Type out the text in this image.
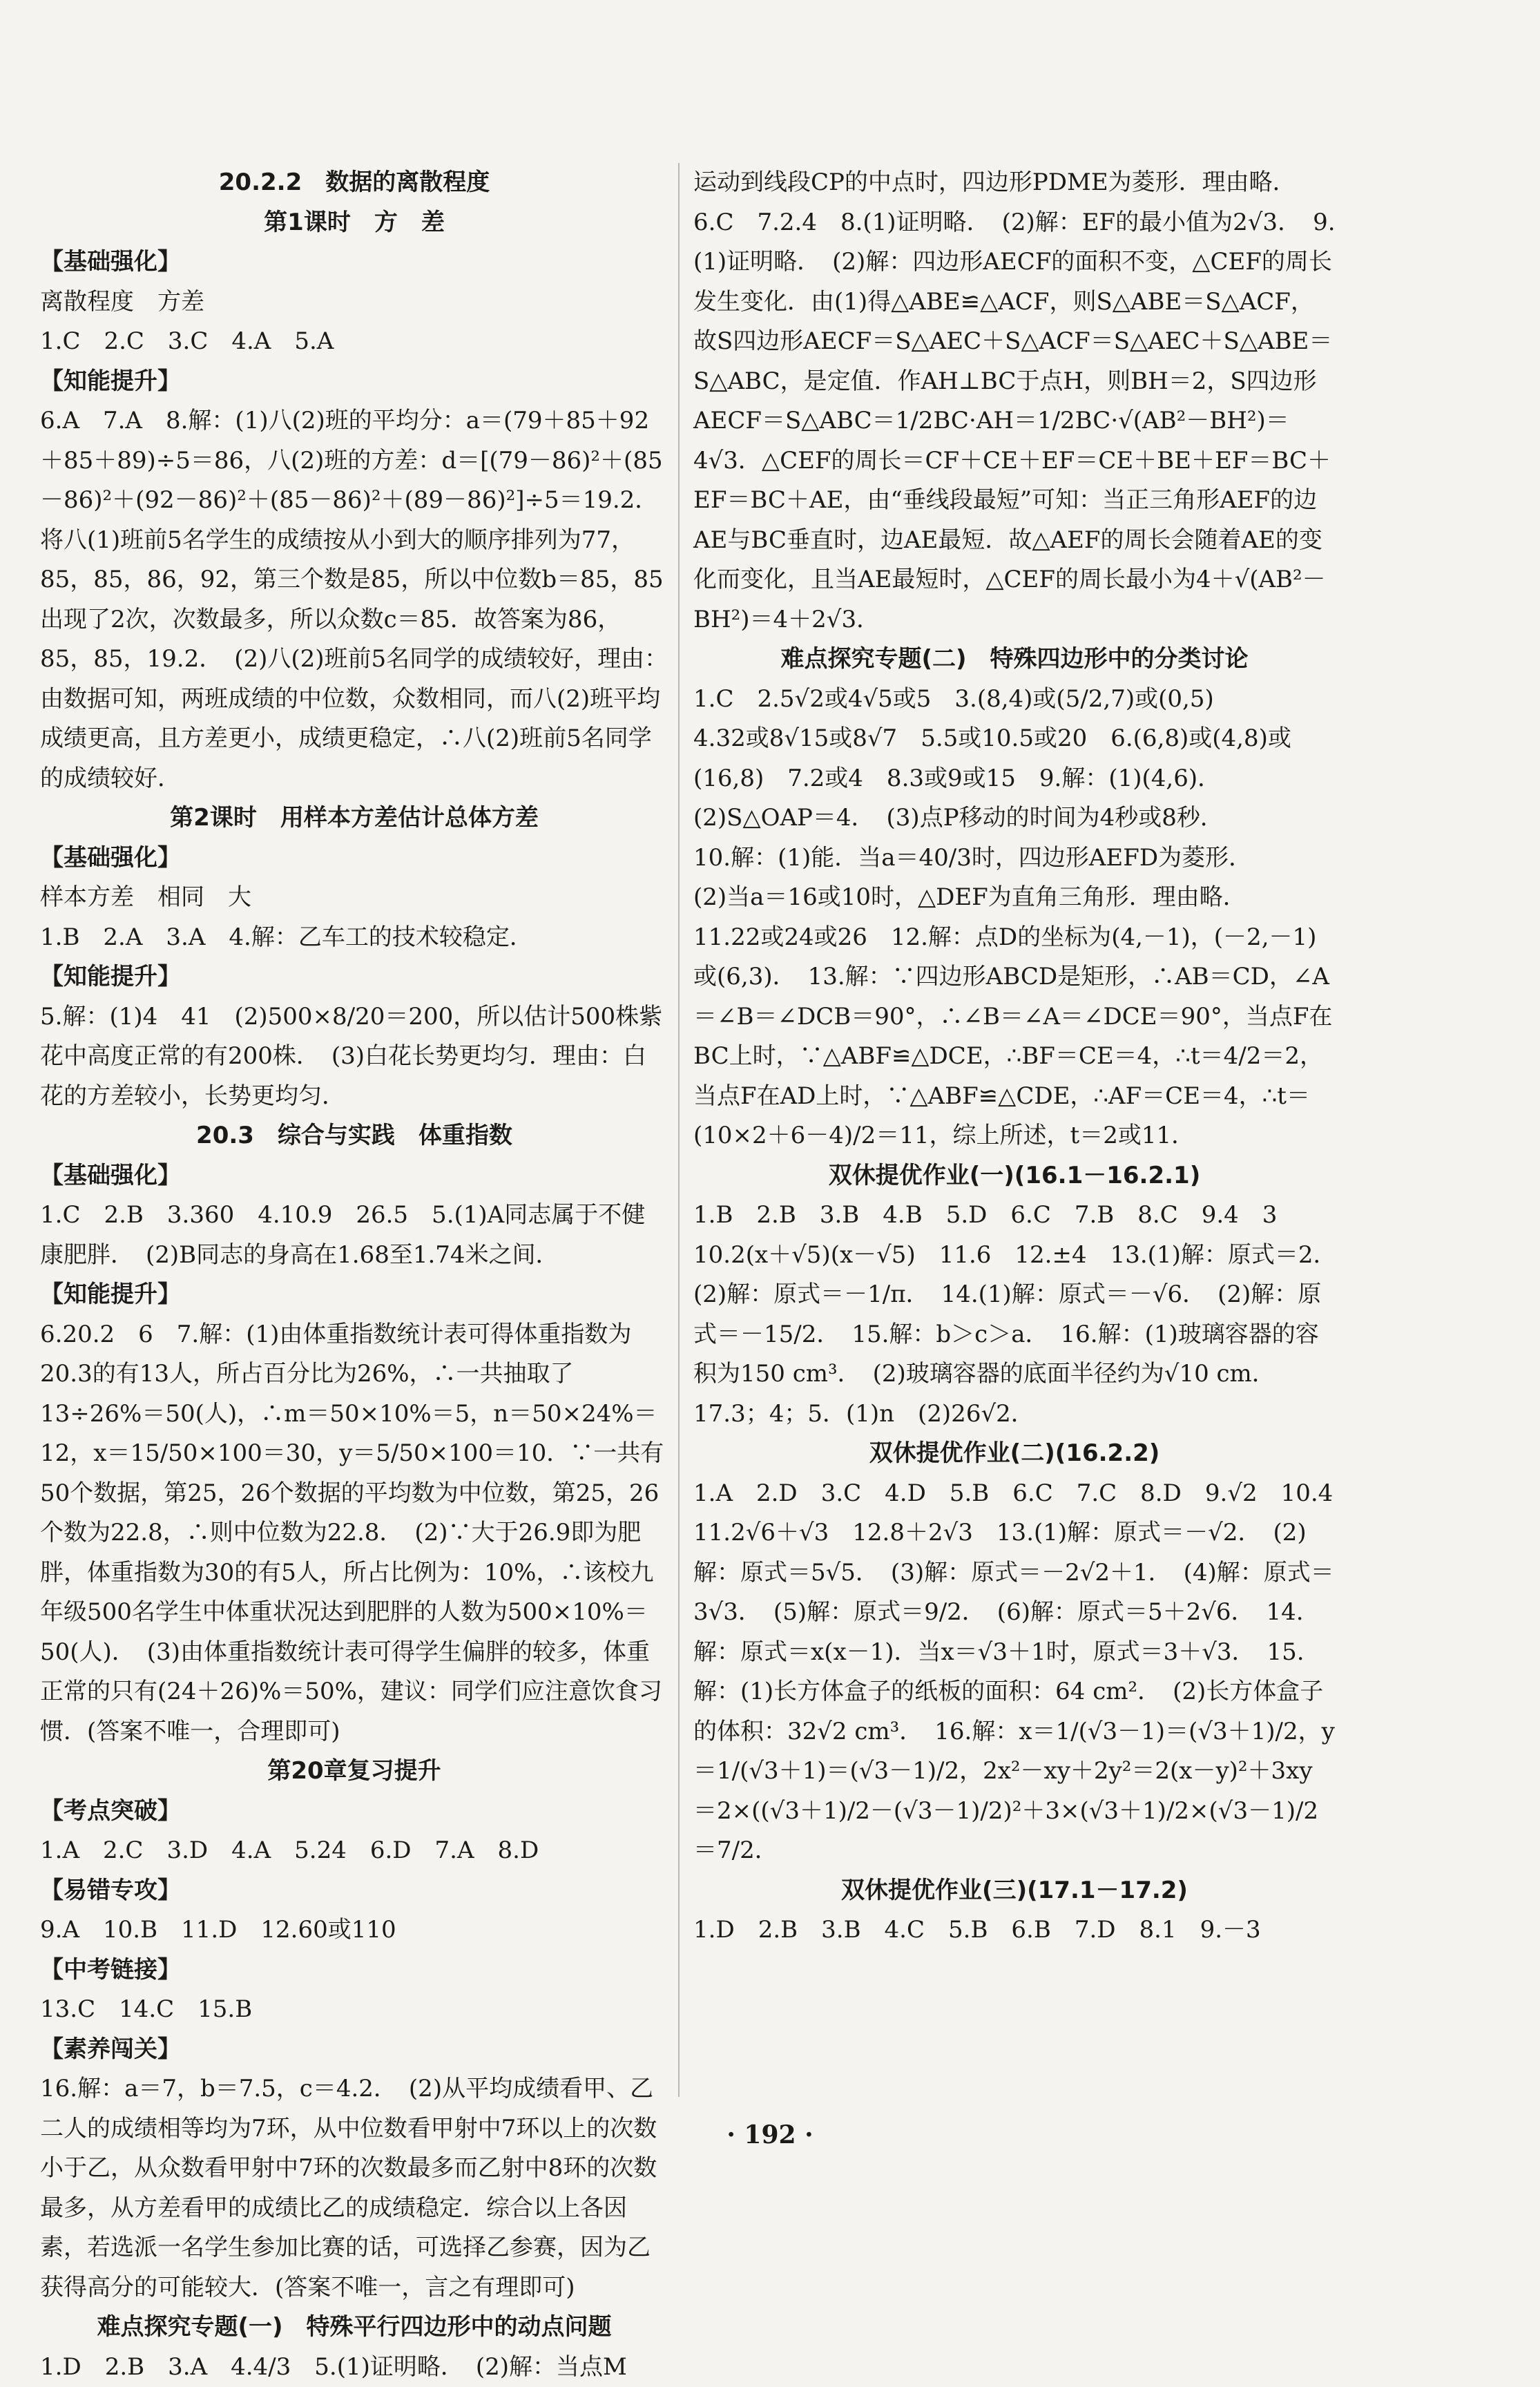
20.2.2　数据的离散程度
第1课时　方　差
【基础强化】
离散程度　方差
1.C　2.C　3.C　4.A　5.A
【知能提升】
6.A　7.A　8.解：(1)八(2)班的平均分：a＝(79＋85＋92＋85＋89)÷5＝86，八(2)班的方差：d＝[(79－86)²＋(85－86)²＋(92－86)²＋(85－86)²＋(89－86)²]÷5＝19.2．将八(1)班前5名学生的成绩按从小到大的顺序排列为77，85，85，86，92，第三个数是85，所以中位数b＝85，85出现了2次，次数最多，所以众数c＝85．故答案为86，85，85，19.2．　(2)八(2)班前5名同学的成绩较好，理由：由数据可知，两班成绩的中位数，众数相同，而八(2)班平均成绩更高，且方差更小，成绩更稳定，∴八(2)班前5名同学的成绩较好．
第2课时　用样本方差估计总体方差
【基础强化】
样本方差　相同　大
1.B　2.A　3.A　4.解：乙车工的技术较稳定．
【知能提升】
5.解：(1)4　41　(2)500×8/20＝200，所以估计500株紫花中高度正常的有200株．　(3)白花长势更均匀．理由：白花的方差较小，长势更均匀．
20.3　综合与实践　体重指数
【基础强化】
1.C　2.B　3.360　4.10.9　26.5　5.(1)A同志属于不健康肥胖．　(2)B同志的身高在1.68至1.74米之间．
【知能提升】
6.20.2　6　7.解：(1)由体重指数统计表可得体重指数为20.3的有13人，所占百分比为26%，∴一共抽取了13÷26%＝50(人)，∴m＝50×10%＝5，n＝50×24%＝12，x＝15/50×100＝30，y＝5/50×100＝10．∵一共有50个数据，第25，26个数据的平均数为中位数，第25，26个数为22.8，∴则中位数为22.8．　(2)∵大于26.9即为肥胖，体重指数为30的有5人，所占比例为：10%，∴该校九年级500名学生中体重状况达到肥胖的人数为500×10%＝50(人)．　(3)由体重指数统计表可得学生偏胖的较多，体重正常的只有(24＋26)%＝50%，建议：同学们应注意饮食习惯．(答案不唯一，合理即可)
第20章复习提升
【考点突破】
1.A　2.C　3.D　4.A　5.24　6.D　7.A　8.D
【易错专攻】
9.A　10.B　11.D　12.60或110
【中考链接】
13.C　14.C　15.B
【素养闯关】
16.解：a＝7，b＝7.5，c＝4.2．　(2)从平均成绩看甲、乙二人的成绩相等均为7环，从中位数看甲射中7环以上的次数小于乙，从众数看甲射中7环的次数最多而乙射中8环的次数最多，从方差看甲的成绩比乙的成绩稳定．综合以上各因素，若选派一名学生参加比赛的话，可选择乙参赛，因为乙获得高分的可能较大．(答案不唯一，言之有理即可)
难点探究专题(一)　特殊平行四边形中的动点问题
1.D　2.B　3.A　4.4/3　5.(1)证明略．　(2)解：当点M
运动到线段CP的中点时，四边形PDME为菱形．理由略．
6.C　7.2.4　8.(1)证明略．　(2)解：EF的最小值为2√3．　9.(1)证明略．　(2)解：四边形AECF的面积不变，△CEF的周长发生变化．由(1)得△ABE≌△ACF，则S△ABE＝S△ACF，故S四边形AECF＝S△AEC＋S△ACF＝S△AEC＋S△ABE＝S△ABC，是定值．作AH⊥BC于点H，则BH＝2，S四边形AECF＝S△ABC＝1/2BC·AH＝1/2BC·√(AB²－BH²)＝4√3．△CEF的周长＝CF＋CE＋EF＝CE＋BE＋EF＝BC＋EF＝BC＋AE，由“垂线段最短”可知：当正三角形AEF的边AE与BC垂直时，边AE最短．故△AEF的周长会随着AE的变化而变化，且当AE最短时，△CEF的周长最小为4＋√(AB²－BH²)＝4＋2√3．
难点探究专题(二)　特殊四边形中的分类讨论
1.C　2.5√2或4√5或5　3.(8,4)或(5/2,7)或(0,5)
4.32或8√15或8√7　5.5或10.5或20　6.(6,8)或(4,8)或(16,8)　7.2或4　8.3或9或15　9.解：(1)(4,6)．　(2)S△OAP＝4．　(3)点P移动的时间为4秒或8秒．
10.解：(1)能．当a＝40/3时，四边形AEFD为菱形．
(2)当a＝16或10时，△DEF为直角三角形．理由略．
11.22或24或26　12.解：点D的坐标为(4,－1)，(－2,－1)或(6,3)．　13.解：∵四边形ABCD是矩形，∴AB＝CD，∠A＝∠B＝∠DCB＝90°，∴∠B＝∠A＝∠DCE＝90°，当点F在BC上时，∵△ABF≌△DCE，∴BF＝CE＝4，∴t＝4/2＝2，当点F在AD上时，∵△ABF≌△CDE，∴AF＝CE＝4，∴t＝(10×2＋6－4)/2＝11，综上所述，t＝2或11．
双休提优作业(一)(16.1－16.2.1)
1.B　2.B　3.B　4.B　5.D　6.C　7.B　8.C　9.4　3　10.2(x＋√5)(x－√5)　11.6　12.±4　13.(1)解：原式＝2．　(2)解：原式＝－1/π．　14.(1)解：原式＝－√6．　(2)解：原式＝－15/2．　15.解：b＞c＞a．　16.解：(1)玻璃容器的容积为150 cm³．　(2)玻璃容器的底面半径约为√10 cm．　17.3；4；5．(1)n　(2)26√2．
双休提优作业(二)(16.2.2)
1.A　2.D　3.C　4.D　5.B　6.C　7.C　8.D　9.√2　10.4　11.2√6＋√3　12.8＋2√3　13.(1)解：原式＝－√2．　(2)解：原式＝5√5．　(3)解：原式＝－2√2＋1．　(4)解：原式＝3√3．　(5)解：原式＝9/2．　(6)解：原式＝5＋2√6．　14.解：原式＝x(x－1)．当x＝√3＋1时，原式＝3＋√3．　15.解：(1)长方体盒子的纸板的面积：64 cm²．　(2)长方体盒子的体积：32√2 cm³．　16.解：x＝1/(√3－1)＝(√3＋1)/2，y＝1/(√3＋1)＝(√3－1)/2，2x²－xy＋2y²＝2(x－y)²＋3xy＝2×((√3＋1)/2－(√3－1)/2)²＋3×(√3＋1)/2×(√3－1)/2＝7/2．
双休提优作业(三)(17.1－17.2)
1.D　2.B　3.B　4.C　5.B　6.B　7.D　8.1　9.－3
· 192 ·
